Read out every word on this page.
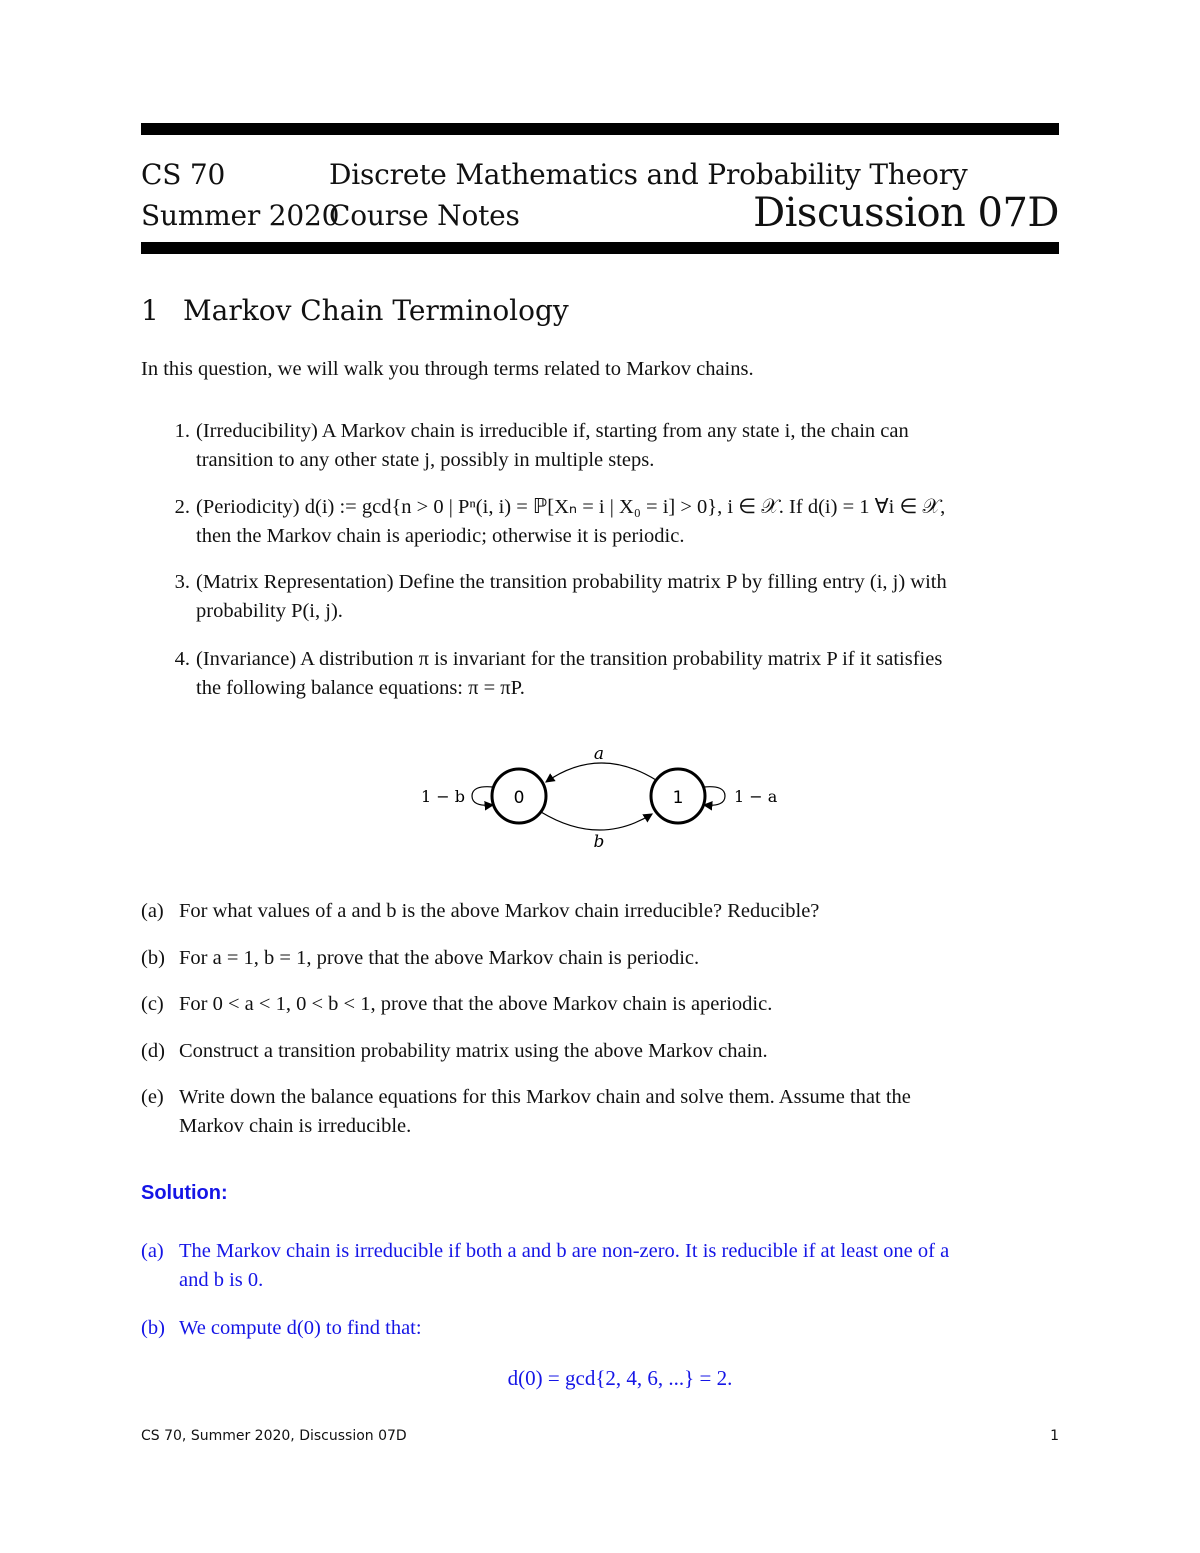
CS 70	Discrete Mathematics and Probability Theory
Summer 2020
Course Notes	Discussion 07D
1 Markov Chain Terminology
In this question, we will walk you through terms related to Markov chains.
1. (Irreducibility) A Markov chain is irreducible if, starting from any state i, the chain can
transition to any other state j, possibly in multiple steps.
2. (Periodicity) d(i) := gcd{n > 0 | Pⁿ(i, i) = ℙ[Xₙ = i | X₀ = i] > 0}, i ∈ 𝒳. If d(i) = 1 ∀i ∈ 𝒳,
then the Markov chain is aperiodic; otherwise it is periodic.
3. (Matrix Representation) Define the transition probability matrix P by filling entry (i, j) with
probability P(i, j).
4. (Invariance) A distribution π is invariant for the transition probability matrix P if it satisfies
the following balance equations: π = πP.
0	1
a
b
1 − b	1 − a
(a) For what values of a and b is the above Markov chain irreducible? Reducible?
(b) For a = 1, b = 1, prove that the above Markov chain is periodic.
(c) For 0 < a < 1, 0 < b < 1, prove that the above Markov chain is aperiodic.
(d) Construct a transition probability matrix using the above Markov chain.
(e) Write down the balance equations for this Markov chain and solve them. Assume that the
Markov chain is irreducible.
Solution:
(a) The Markov chain is irreducible if both a and b are non-zero. It is reducible if at least one of a
and b is 0.
(b) We compute d(0) to find that:
d(0) = gcd{2, 4, 6, ...} = 2.
CS 70, Summer 2020, Discussion 07D	1
